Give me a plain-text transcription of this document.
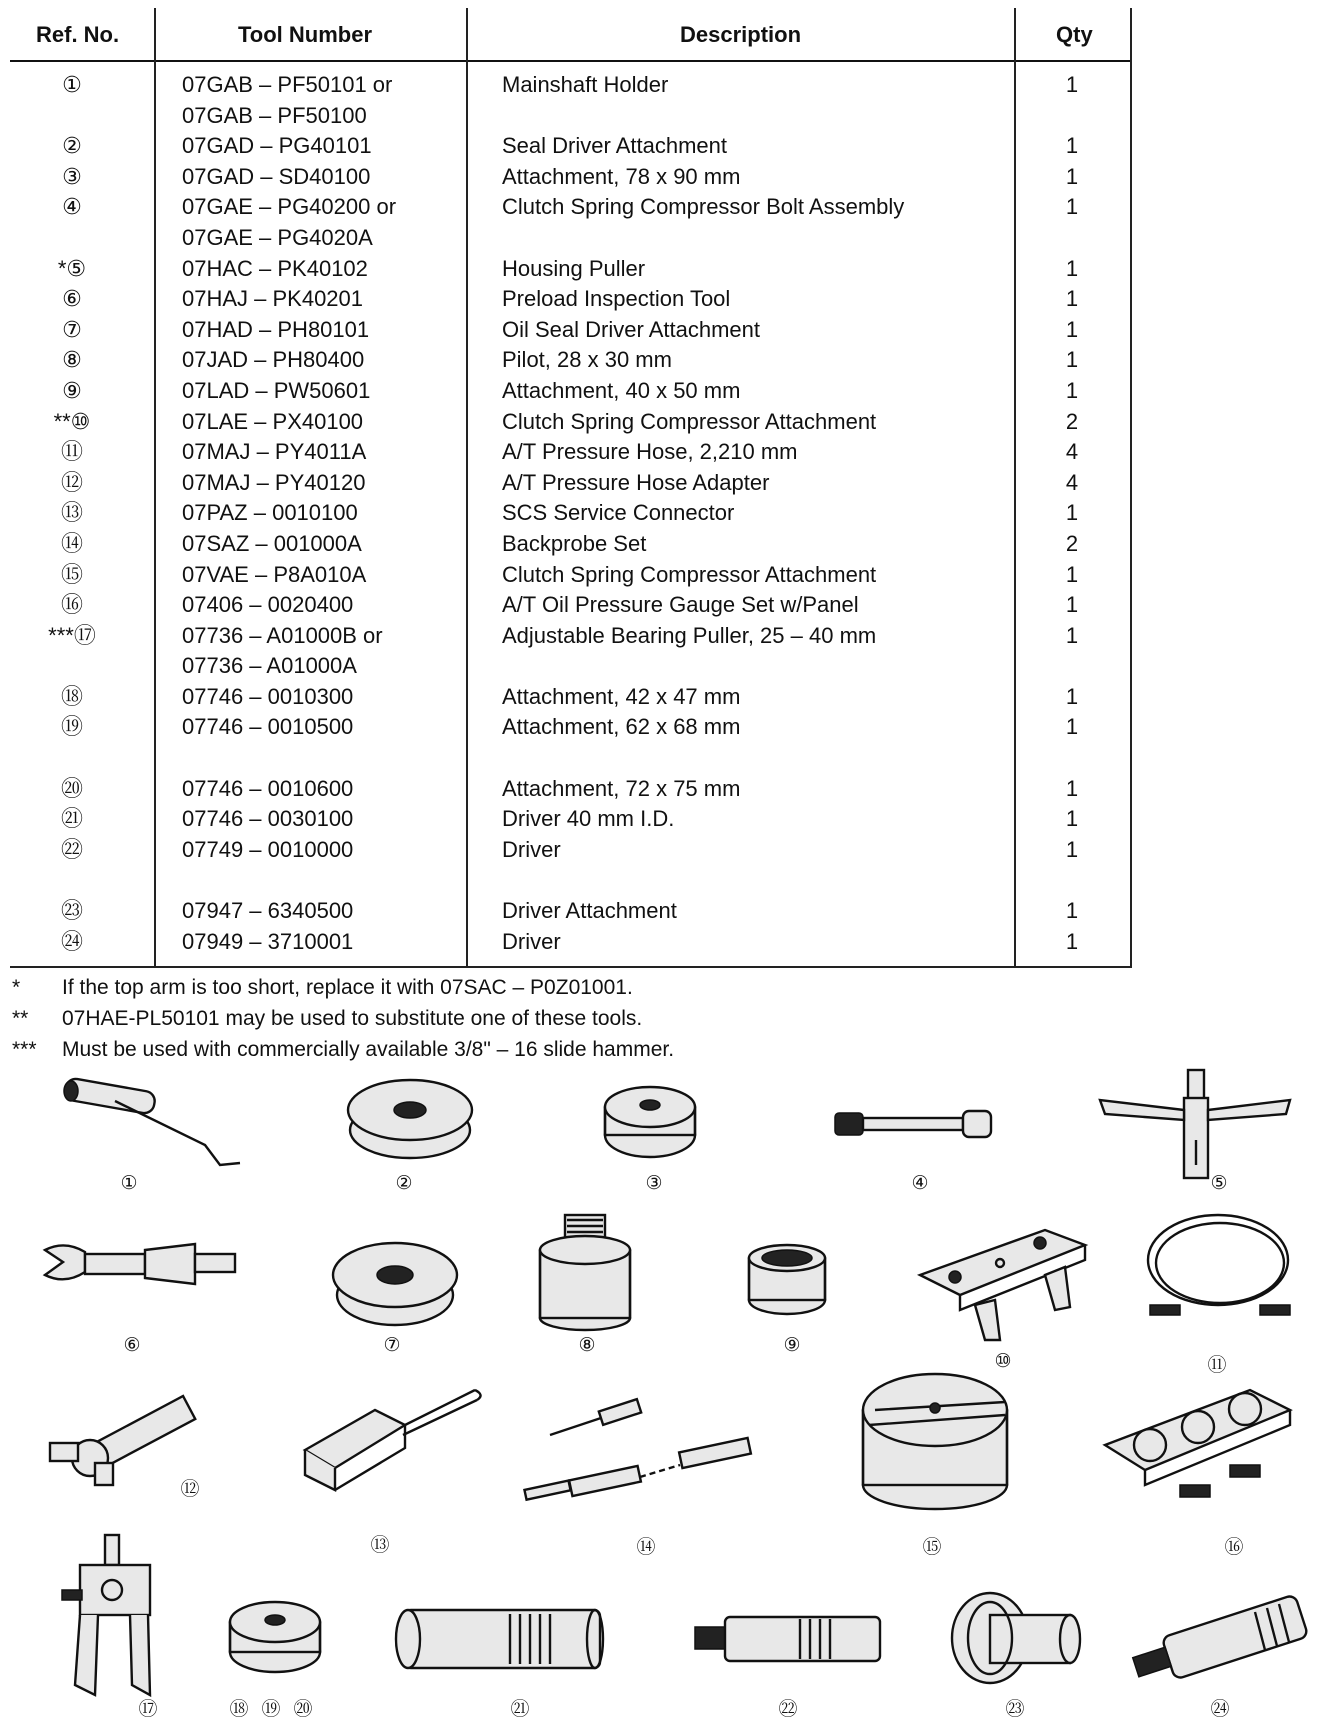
Ref. No.	Tool Number	Description	Qty
①	07GAB – PF50101 or	Mainshaft Holder	1
07GAB – PF50100
②	07GAD – PG40101	Seal Driver Attachment	1
③	07GAD – SD40100	Attachment, 78 x 90 mm	1
④	07GAE – PG40200 or	Clutch Spring Compressor Bolt Assembly	1
07GAE – PG4020A
*⑤	07HAC – PK40102	Housing Puller	1
⑥	07HAJ – PK40201	Preload Inspection Tool	1
⑦	07HAD – PH80101	Oil Seal Driver Attachment	1
⑧	07JAD – PH80400	Pilot, 28 x 30 mm	1
⑨	07LAD – PW50601	Attachment, 40 x 50 mm	1
**⑩	07LAE – PX40100	Clutch Spring Compressor Attachment	2
⑪	07MAJ – PY4011A	A/T Pressure Hose, 2,210 mm	4
⑫	07MAJ – PY40120	A/T Pressure Hose Adapter	4
⑬	07PAZ – 0010100	SCS Service Connector	1
⑭	07SAZ – 001000A	Backprobe Set	2
⑮	07VAE – P8A010A	Clutch Spring Compressor Attachment	1
⑯	07406 – 0020400	A/T Oil Pressure Gauge Set w/Panel	1
***⑰	07736 – A01000B or	Adjustable Bearing Puller, 25 – 40 mm	1
07736 – A01000A
⑱	07746 – 0010300	Attachment, 42 x 47 mm	1
⑲	07746 – 0010500	Attachment, 62 x 68 mm	1
⑳	07746 – 0010600	Attachment, 72 x 75 mm	1
㉑	07746 – 0030100	Driver 40 mm I.D.	1
㉒	07749 – 0010000	Driver	1
㉓	07947 – 6340500	Driver Attachment	1
㉔	07949 – 3710001	Driver	1
*	If the top arm is too short, replace it with 07SAC – P0Z01001.
**	07HAE-PL50101 may be used to substitute one of these tools.
***	Must be used with commercially available 3/8" – 16 slide hammer.
①	②	③	④	⑤
⑥	⑦	⑧	⑨
⑩	⑪
⑫
⑬	⑭	⑮	⑯
⑰	⑱ ⑲ ⑳	㉑	㉒	㉓	㉔
